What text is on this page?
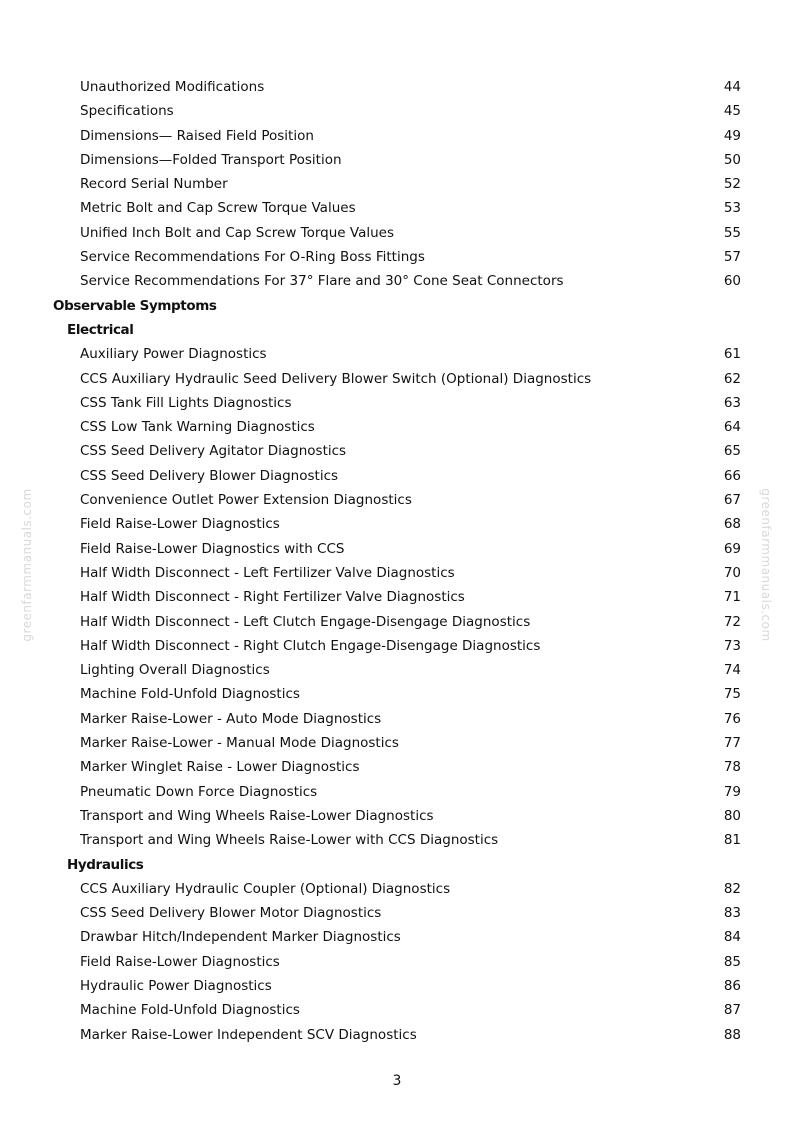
Unauthorized Modifications	44
Specifications	45
Dimensions— Raised Field Position	49
Dimensions—Folded Transport Position	50
Record Serial Number	52
Metric Bolt and Cap Screw Torque Values	53
Unified Inch Bolt and Cap Screw Torque Values	55
Service Recommendations For O-Ring Boss Fittings	57
Service Recommendations For 37° Flare and 30° Cone Seat Connectors	60
Observable Symptoms
Electrical
Auxiliary Power Diagnostics	61
CCS Auxiliary Hydraulic Seed Delivery Blower Switch (Optional) Diagnostics	62
CSS Tank Fill Lights Diagnostics	63
CSS Low Tank Warning Diagnostics	64
CSS Seed Delivery Agitator Diagnostics	65
CSS Seed Delivery Blower Diagnostics	66
Convenience Outlet Power Extension Diagnostics	67
Field Raise-Lower Diagnostics	68
Field Raise-Lower Diagnostics with CCS	69
Half Width Disconnect - Left Fertilizer Valve Diagnostics	70
Half Width Disconnect - Right Fertilizer Valve Diagnostics	71
Half Width Disconnect - Left Clutch Engage-Disengage Diagnostics	72
Half Width Disconnect - Right Clutch Engage-Disengage Diagnostics	73
Lighting Overall Diagnostics	74
Machine Fold-Unfold Diagnostics	75
Marker Raise-Lower - Auto Mode Diagnostics	76
Marker Raise-Lower - Manual Mode Diagnostics	77
Marker Winglet Raise - Lower Diagnostics	78
Pneumatic Down Force Diagnostics	79
Transport and Wing Wheels Raise-Lower Diagnostics	80
Transport and Wing Wheels Raise-Lower with CCS Diagnostics	81
Hydraulics
CCS Auxiliary Hydraulic Coupler (Optional) Diagnostics	82
CSS Seed Delivery Blower Motor Diagnostics	83
Drawbar Hitch/Independent Marker Diagnostics	84
Field Raise-Lower Diagnostics	85
Hydraulic Power Diagnostics	86
Machine Fold-Unfold Diagnostics	87
Marker Raise-Lower Independent SCV Diagnostics	88
greenfarmmanuals.com	greenfarmmanuals.com
3
